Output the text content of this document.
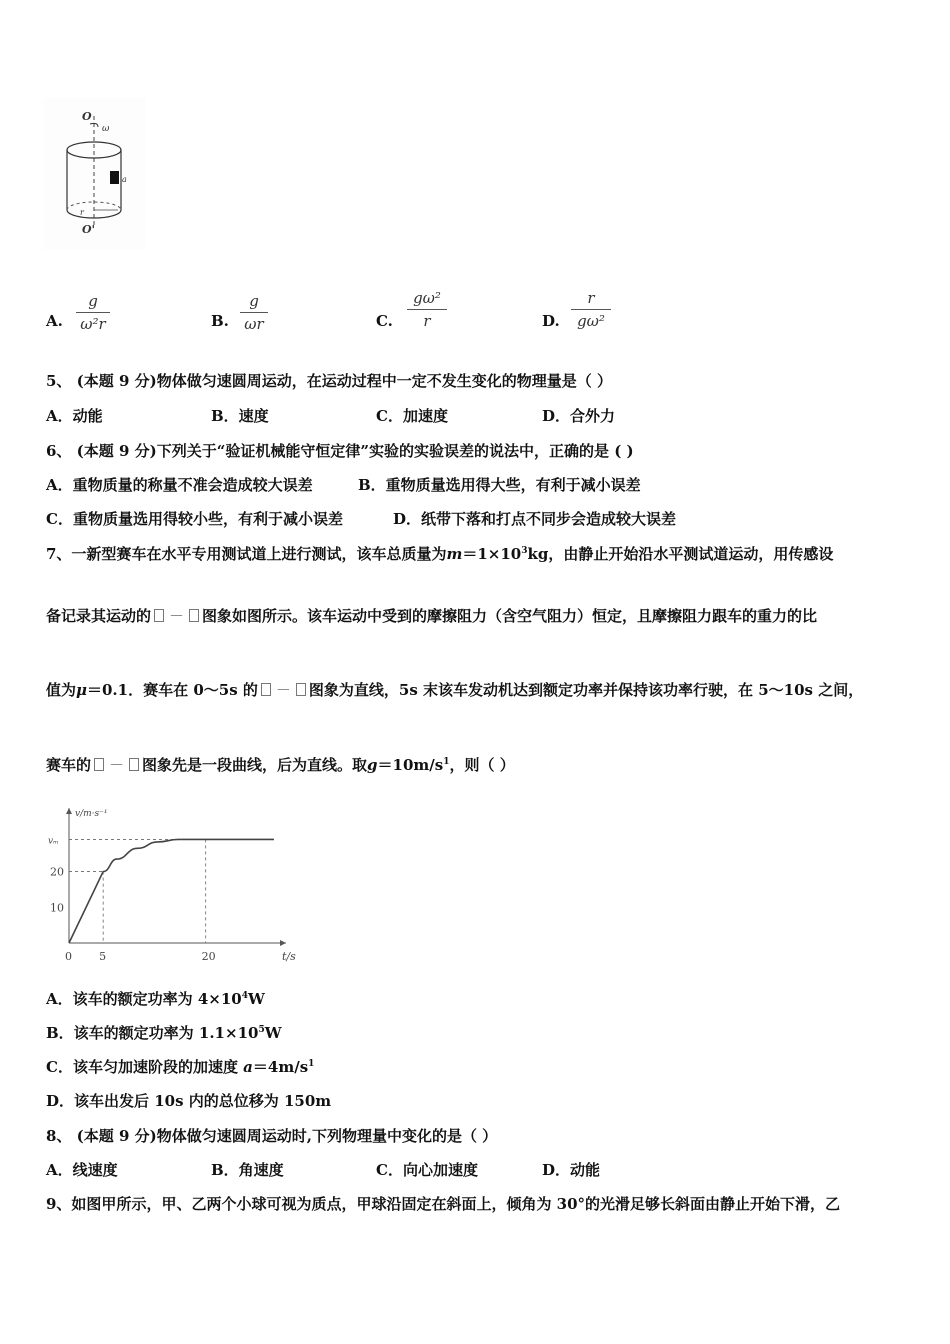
O
ω
a
r
O'
A.
g
ω²r	B.
g
ωr	C.
gω²
r	D.
r
gω²
5、 (本题 9 分)物体做匀速圆周运动，在运动过程中一定不发生变化的物理量是（ ）
A．动能	B．速度	C．加速度	D．合外力
6、 (本题 9 分)下列关于“验证机械能守恒定律”实验的实验误差的说法中，正确的是 ( )
A．重物质量的称量不准会造成较大误差	B．重物质量选用得大些，有利于减小误差
C．重物质量选用得较小些，有利于减小误差	D．纸带下落和打点不同步会造成较大误差
7、一新型赛车在水平专用测试道上进行测试，该车总质量为$m=1\times 10^3kg$，由静止开始沿水平测试道运动，用传感设
备记录其运动的 － 图象如图所示。该车运动中受到的摩擦阻力（含空气阻力）恒定，且摩擦阻力跟车的重力的比
值为μ＝0.1．赛车在 0～5s 的 － 图象为直线，5s 末该车发动机达到额定功率并保持该功率行驶，在 5～10s 之间，
赛车的 － 图象先是一段曲线，后为直线。取$g=10m/s^1$，则（ ）
v/m·s⁻¹
t/s
vₘ
20
10
0 5	20
A．该车的额定功率为 $4\times 10^4W$
B．该车的额定功率为 $1.1\times 10^5W$
C．该车匀加速阶段的加速度 $a=4m/s^1$
D．该车出发后 10s 内的总位移为 150m
8、 (本题 9 分)物体做匀速圆周运动时,下列物理量中变化的是（ ）
A．线速度	B．角速度	C．向心加速度	D．动能
9、如图甲所示，甲、乙两个小球可视为质点，甲球沿固定在斜面上，倾角为 30°的光滑足够长斜面由静止开始下滑，乙
